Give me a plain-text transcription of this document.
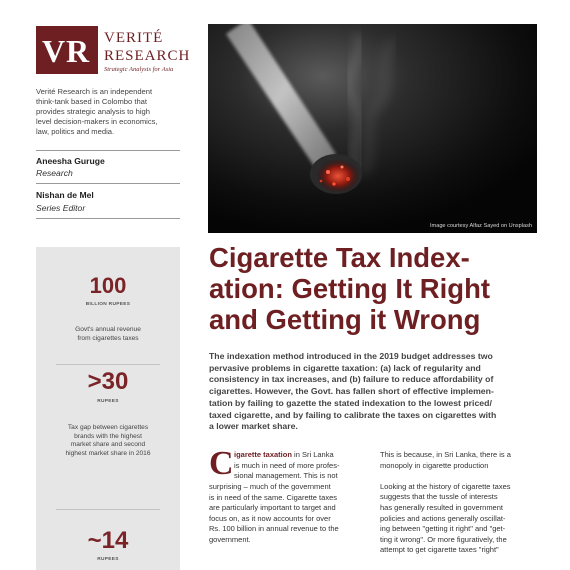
V R VERITÉ
RESEARCH
Strategic Analysis for Asia
Verité Research is an independent
think-tank based in Colombo that
provides strategic analysis to high
level decision-makers in economics,
law, politics and media.
Aneesha Guruge
Research
Nishan de Mel
Series Editor
100
BILLION RUPEES
Govt's annual revenue
from cigarettes taxes
>30
RUPEES
Tax gap between cigarettes
brands with the highest
market share and second
highest market share in 2016
~14
RUPEES
Image courtesy Alfaz Sayed on Unsplash
Cigarette Tax Index-
ation: Getting It Right
and Getting it Wrong
The indexation method introduced in the 2019 budget addresses two
pervasive problems in cigarette taxation: (a) lack of regularity and
consistency in tax increases, and (b) failure to reduce affordability of
cigarettes. However, the Govt. has fallen short of effective implemen-
tation by failing to gazette the stated indexation to the lowest priced/
taxed cigarette, and by failing to calibrate the taxes on cigarettes with
a lower market share.
C igarette taxation in Sri Lanka
is much in need of more profes-
sional management. This is not
surprising – much of the government
is in need of the same. Cigarette taxes
are particularly important to target and
focus on, as it now accounts for over
Rs. 100 billion in annual revenue to the
government.
This is because, in Sri Lanka, there is a
monopoly in cigarette production
Looking at the history of cigarette taxes
suggests that the tussle of interests
has generally resulted in government
policies and actions generally oscillat-
ing between "getting it right" and "get-
ting it wrong". Or more figuratively, the
attempt to get cigarette taxes "right"
